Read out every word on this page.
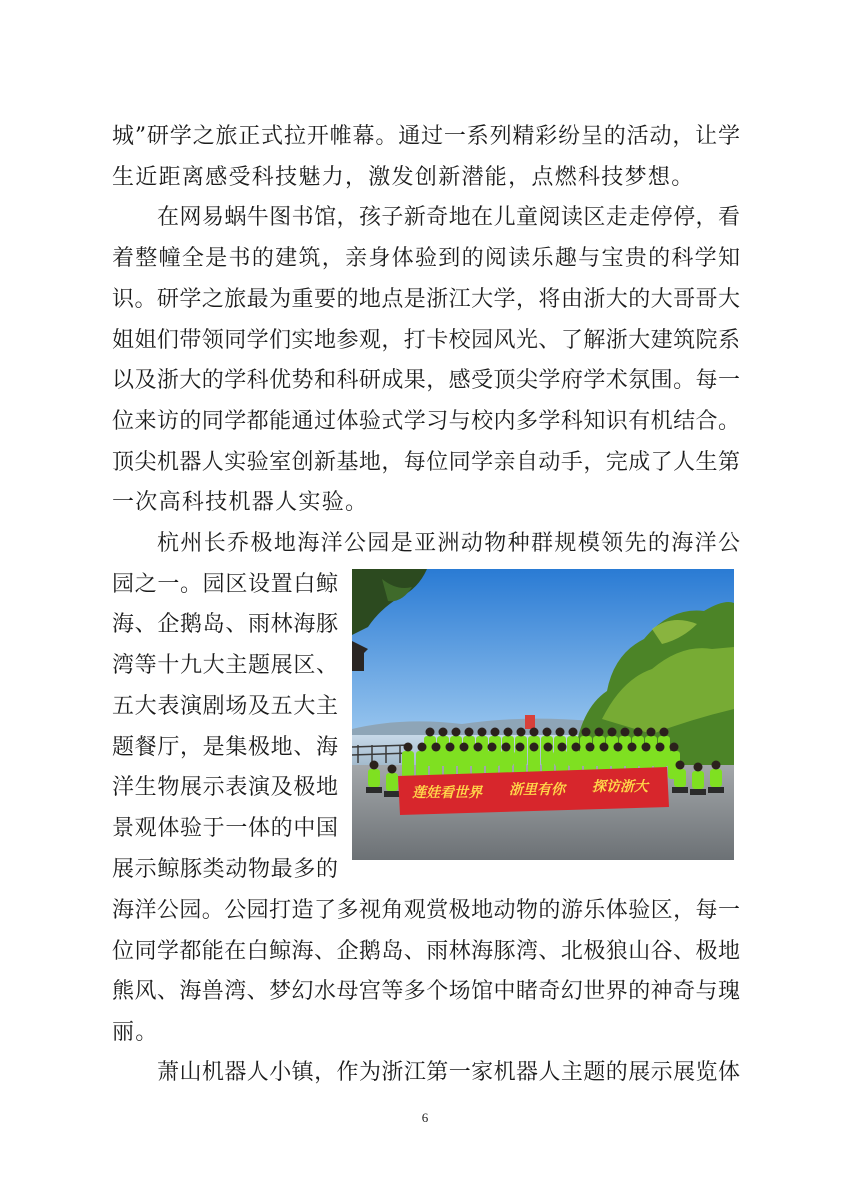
城”研学之旅正式拉开帷幕。通过一系列精彩纷呈的活动，让学
生近距离感受科技魅力，激发创新潜能，点燃科技梦想。
在网易蜗牛图书馆，孩子新奇地在儿童阅读区走走停停，看
着整幢全是书的建筑，亲身体验到的阅读乐趣与宝贵的科学知
识。研学之旅最为重要的地点是浙江大学，将由浙大的大哥哥大
姐姐们带领同学们实地参观，打卡校园风光、了解浙大建筑院系
以及浙大的学科优势和科研成果，感受顶尖学府学术氛围。每一
位来访的同学都能通过体验式学习与校内多学科知识有机结合。
顶尖机器人实验室创新基地，每位同学亲自动手，完成了人生第
一次高科技机器人实验。
杭州长乔极地海洋公园是亚洲动物种群规模领先的海洋公
园之一。园区设置白鲸
海、企鹅岛、雨林海豚
湾等十九大主题展区、
五大表演剧场及五大主
题餐厅，是集极地、海
洋生物展示表演及极地
景观体验于一体的中国
展示鲸豚类动物最多的
海洋公园。公园打造了多视角观赏极地动物的游乐体验区，每一
位同学都能在白鲸海、企鹅岛、雨林海豚湾、北极狼山谷、极地
熊风、海兽湾、梦幻水母宫等多个场馆中睹奇幻世界的神奇与瑰
丽。
萧山机器人小镇，作为浙江第一家机器人主题的展示展览体
莲娃看世界 浙里有你 探访浙大
6
